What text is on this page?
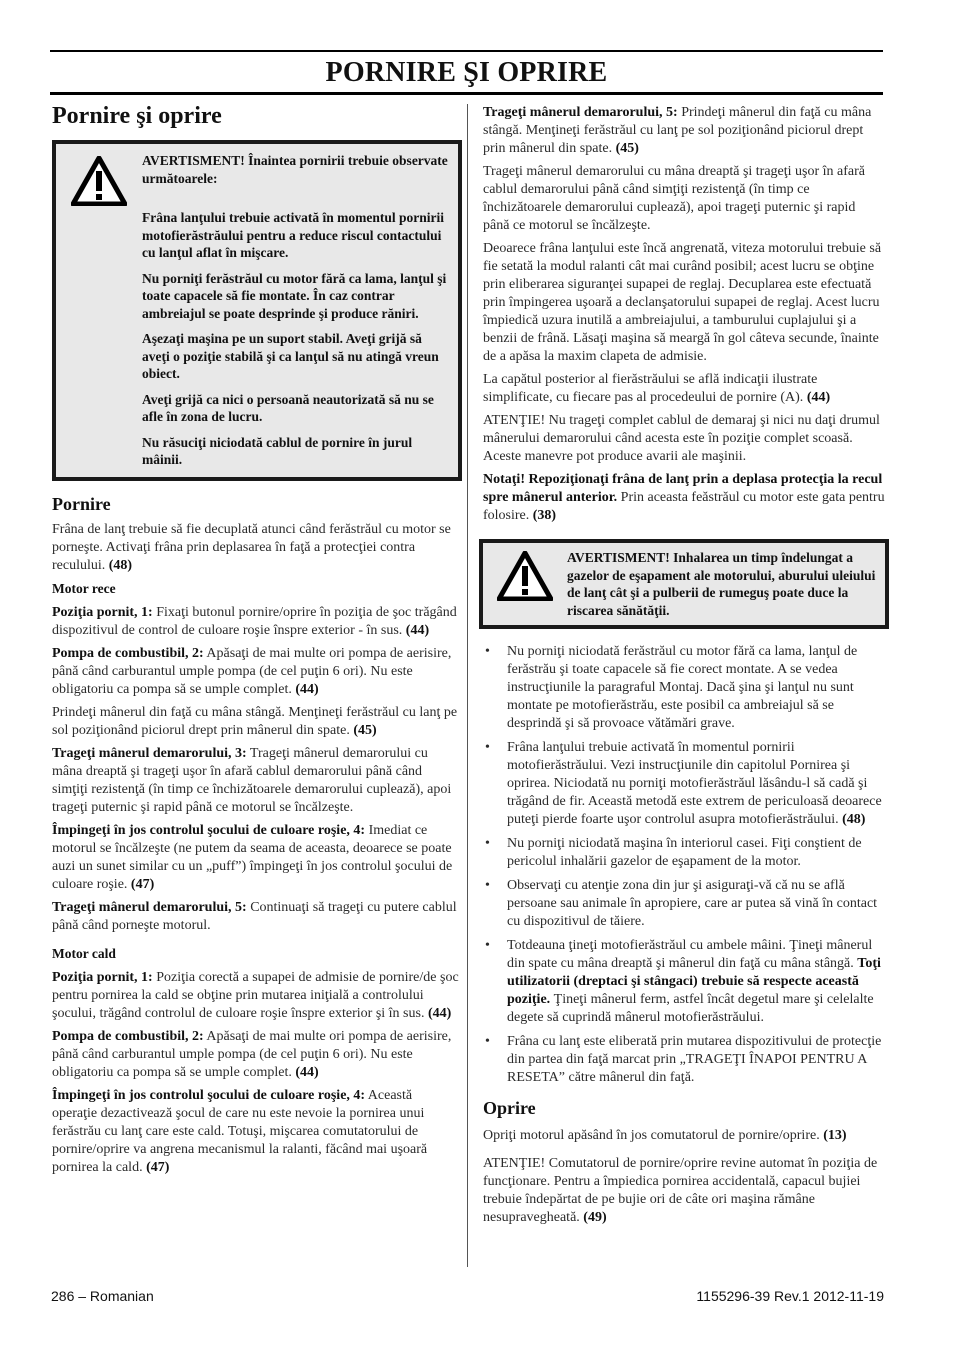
PORNIRE ŞI OPRIRE
Pornire şi oprire

AVERTISMENT! Înaintea pornirii trebuie observate următoarele:

Frâna lanţului trebuie activată în momentul pornirii motofierăstrăului pentru a reduce riscul contactului cu lanţul aflat în mişcare.

Nu porniţi ferăstrăul cu motor fără ca lama, lanţul şi toate capacele să fie montate. În caz contrar ambreiajul se poate desprinde şi produce răniri.

Aşezaţi maşina pe un suport stabil. Aveţi grijă să aveţi o poziţie stabilă şi ca lanţul să nu atingă vreun obiect.

Aveţi grijă ca nici o persoană neautorizată să nu se afle în zona de lucru.

Nu răsuciţi niciodată cablul de pornire în jurul mâinii.

Pornire

Frâna de lanţ trebuie să fie decuplată atunci când ferăstrăul cu motor se porneşte. Activaţi frâna prin deplasarea în faţă a protecţiei contra reculului. (48)

Motor rece

Poziţia pornit, 1: Fixaţi butonul pornire/oprire în poziţia de şoc trăgând dispozitivul de control de culoare roşie înspre exterior - în sus. (44)

Pompa de combustibil, 2: Apăsaţi de mai multe ori pompa de aerisire, până când carburantul umple pompa (de cel puţin 6 ori). Nu este obligatoriu ca pompa să se umple complet. (44)

Prindeţi mânerul din faţă cu mâna stângă. Menţineţi ferăstrăul cu lanţ pe sol poziţionând piciorul drept prin mânerul din spate. (45)

Trageţi mânerul demarorului, 3: Trageţi mânerul demarorului cu mâna dreaptă şi trageţi uşor în afară cablul demarorului până când simţiţi rezistenţă (în timp ce închizătoarele demarorului cuplează), apoi trageţi puternic şi rapid până ce motorul se încălzeşte.

Împingeţi în jos controlul şocului de culoare roşie, 4: Imediat ce motorul se încălzeşte (ne putem da seama de aceasta, deoarece se poate auzi un sunet similar cu un „puff”) împingeţi în jos controlul şocului de culoare roşie. (47)

Trageţi mânerul demarorului, 5: Continuaţi să trageţi cu putere cablul până când porneşte motorul.

Motor cald

Poziţia pornit, 1: Poziţia corectă a supapei de admisie de pornire/de şoc pentru pornirea la cald se obţine prin mutarea iniţială a controlului şocului, trăgând controlul de culoare roşie înspre exterior şi în sus. (44)

Pompa de combustibil, 2: Apăsaţi de mai multe ori pompa de aerisire, până când carburantul umple pompa (de cel puţin 6 ori). Nu este obligatoriu ca pompa să se umple complet. (44)

Împingeţi în jos controlul şocului de culoare roşie, 4: Această operaţie dezactivează şocul de care nu este nevoie la pornirea unui ferăstrău cu lanţ care este cald. Totuşi, mişcarea comutatorului de pornire/oprire va angrena mecanismul la ralanti, făcând mai uşoară pornirea la cald. (47)

Trageţi mânerul demarorului, 5: Prindeţi mânerul din faţă cu mâna stângă. Menţineţi ferăstrăul cu lanţ pe sol poziţionând piciorul drept prin mânerul din spate. (45)

Trageţi mânerul demarorului cu mâna dreaptă şi trageţi uşor în afară cablul demarorului până când simţiţi rezistenţă (în timp ce închizătoarele demarorului cuplează), apoi trageţi puternic şi rapid până ce motorul se încălzeşte.

Deoarece frâna lanţului este încă angrenată, viteza motorului trebuie să fie setată la modul ralanti cât mai curând posibil; acest lucru se obţine prin eliberarea siguranţei supapei de reglaj. Decuplarea este efectuată prin împingerea uşoară a declanşatorului supapei de reglaj. Acest lucru împiedică uzura inutilă a ambreiajului, a tamburului cuplajului şi a benzii de frână. Lăsaţi maşina să meargă în gol câteva secunde, înainte de a apăsa la maxim clapeta de admisie.

La capătul posterior al fierăstrăului se află indicaţii ilustrate simplificate, cu fiecare pas al procedeului de pornire (A). (44)

ATENŢIE! Nu trageţi complet cablul de demaraj şi nici nu daţi drumul mânerului demarorului când acesta este în poziţie complet scoasă. Aceste manevre pot produce avarii ale maşinii.

Notaţi! Repoziţionaţi frâna de lanţ prin a deplasa protecţia la recul spre mânerul anterior. Prin aceasta feăstrăul cu motor este gata pentru folosire. (38)

AVERTISMENT! Inhalarea un timp îndelungat a gazelor de eşapament ale motorului, aburului uleiului de lanţ cât şi a pulberii de rumeguş poate duce la riscarea sănătăţii.
• Nu porniţi niciodată ferăstrăul cu motor fără ca lama, lanţul de ferăstrău şi toate capacele să fie corect montate. A se vedea instrucţiunile la paragraful Montaj. Dacă şina şi lanţul nu sunt montate pe motofierăstrău, este posibil ca ambreiajul să se desprindă şi să provoace vătămări grave.
• Frâna lanţului trebuie activată în momentul pornirii motofierăstrăului. Vezi instrucţiunile din capitolul Pornirea şi oprirea. Niciodată nu porniţi motofierăstrăul lăsându-l să cadă şi trăgând de fir. Această metodă este extrem de periculoasă deoarece puteţi pierde foarte uşor controlul asupra motofierăstrăului. (48)
• Nu porniţi niciodată maşina în interiorul casei. Fiţi conştient de pericolul inhalării gazelor de eşapament de la motor.
• Observaţi cu atenţie zona din jur şi asiguraţi-vă că nu se află persoane sau animale în apropiere, care ar putea să vină în contact cu dispozitivul de tăiere.
• Totdeauna ţineţi motofierăstrăul cu ambele mâini. Ţineţi mânerul din spate cu mâna dreaptă şi mânerul din faţă cu mâna stângă. Toţi utilizatorii (dreptaci şi stângaci) trebuie să respecte această poziţie. Ţineţi mânerul ferm, astfel încât degetul mare şi celelalte degete să cuprindă mânerul motofierăstrăului.
• Frâna cu lanţ este eliberată prin mutarea dispozitivului de protecţie din partea din faţă marcat prin „TRAGEŢI ÎNAPOI PENTRU A RESETA” către mânerul din faţă.
Oprire

Opriţi motorul apăsând în jos comutatorul de pornire/oprire. (13)

ATENŢIE! Comutatorul de pornire/oprire revine automat în poziţia de funcţionare. Pentru a împiedica pornirea accidentală, capacul bujiei trebuie îndepărtat de pe bujie ori de câte ori maşina rămâne nesupravegheată. (49)

286 – Romanian	1155296-39 Rev.1 2012-11-19
